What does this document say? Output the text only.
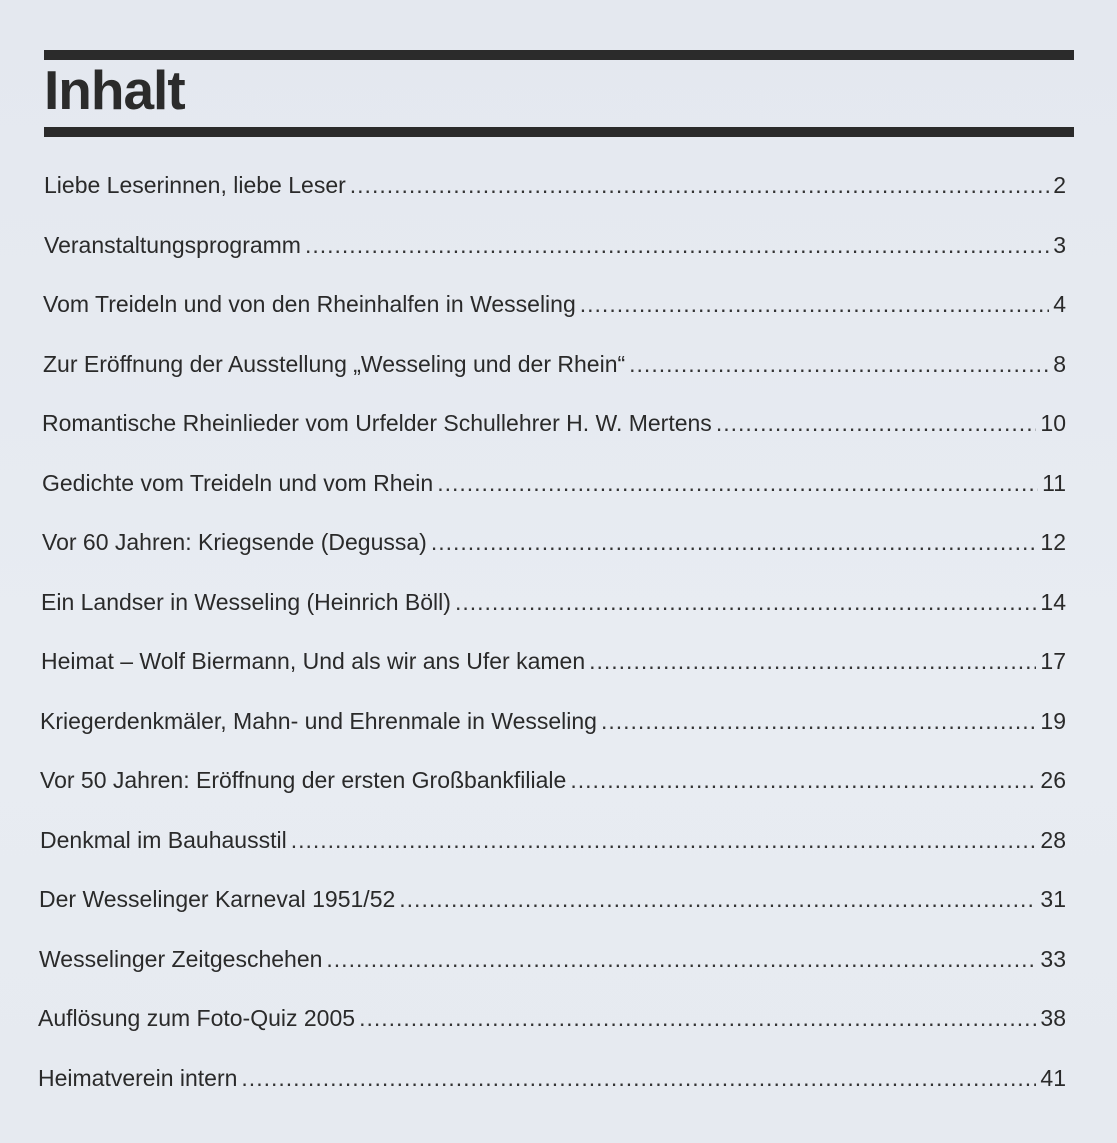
Inhalt
Liebe Leserinnen, liebe Leser .....	2
Veranstaltungsprogramm .....	3
Vom Treideln und von den Rheinhalfen in Wesseling .....	4
Zur Eröffnung der Ausstellung „Wesseling und der Rhein“ .....	8
Romantische Rheinlieder vom Urfelder Schullehrer H. W. Mertens .....	10
Gedichte vom Treideln und vom Rhein .....	11
Vor 60 Jahren: Kriegsende (Degussa) .....	12
Ein Landser in Wesseling (Heinrich Böll) .....	14
Heimat – Wolf Biermann, Und als wir ans Ufer kamen .....	17
Kriegerdenkmäler, Mahn- und Ehrenmale in Wesseling .....	19
Vor 50 Jahren: Eröffnung der ersten Großbankfiliale .....	26
Denkmal im Bauhausstil .....	28
Der Wesselinger Karneval 1951/52 .....	31
Wesselinger Zeitgeschehen .....	33
Auflösung zum Foto-Quiz 2005 .....	38
Heimatverein intern .....	41
